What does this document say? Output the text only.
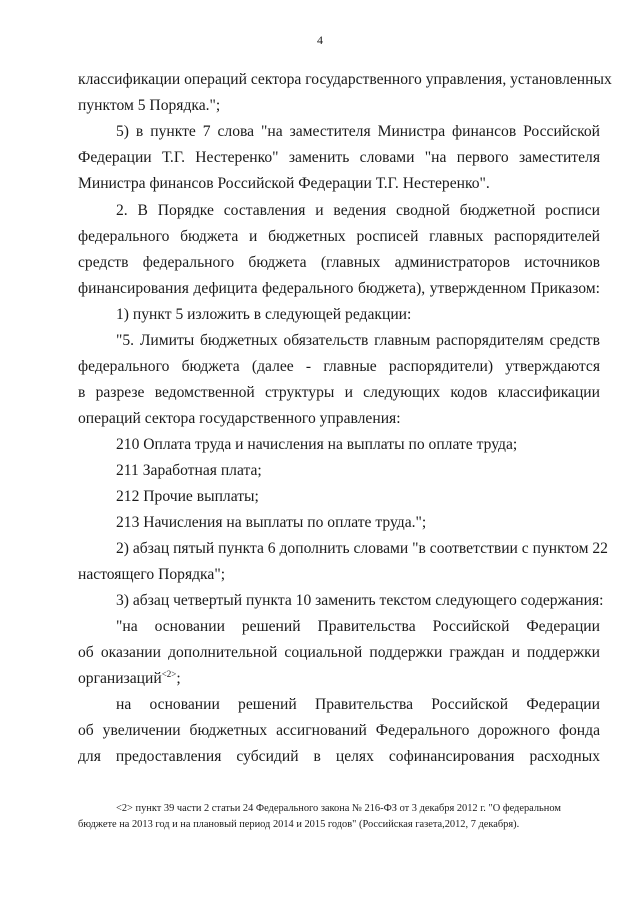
4
классификации операций сектора государственного управления, установленных
пунктом 5 Порядка.";
5) в пункте 7 слова "на заместителя Министра финансов Российской
Федерации Т.Г. Нестеренко" заменить словами "на первого заместителя
Министра финансов Российской Федерации Т.Г. Нестеренко".
2. В Порядке составления и ведения сводной бюджетной росписи
федерального бюджета и бюджетных росписей главных распорядителей
средств федерального бюджета (главных администраторов источников
финансирования дефицита федерального бюджета), утвержденном Приказом:
1) пункт 5 изложить в следующей редакции:
"5. Лимиты бюджетных обязательств главным распорядителям средств
федерального бюджета (далее - главные распорядители) утверждаются
в разрезе ведомственной структуры и следующих кодов классификации
операций сектора государственного управления:
210 Оплата труда и начисления на выплаты по оплате труда;
211 Заработная плата;
212 Прочие выплаты;
213 Начисления на выплаты по оплате труда.";
2) абзац пятый пункта 6 дополнить словами "в соответствии с пунктом 22
настоящего Порядка";
3) абзац четвертый пункта 10 заменить текстом следующего содержания:
"на основании решений Правительства Российской Федерации
об оказании дополнительной социальной поддержки граждан и поддержки
организаций$^{<2>}$;
на основании решений Правительства Российской Федерации
об увеличении бюджетных ассигнований Федерального дорожного фонда
для предоставления субсидий в целях софинансирования расходных
<2> пункт 39 части 2 статьи 24 Федерального закона № 216-ФЗ от 3 декабря 2012 г. "О федеральном
бюджете на 2013 год и на плановый период 2014 и 2015 годов" (Российская газета,2012, 7 декабря).
